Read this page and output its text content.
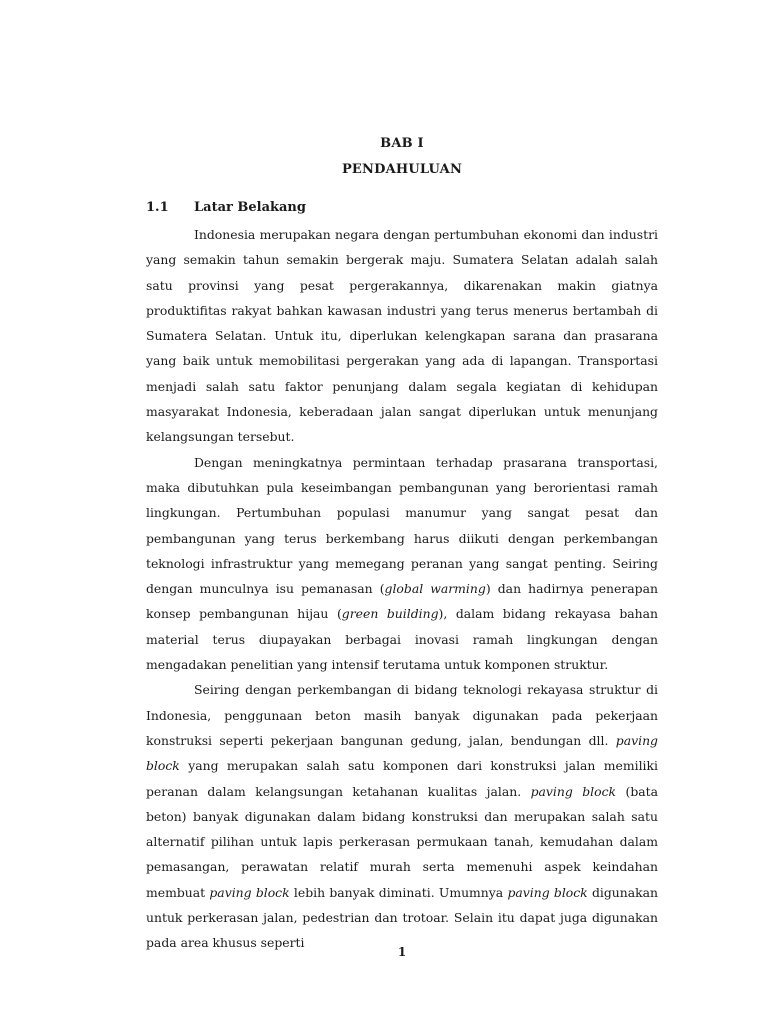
BAB I
PENDAHULUAN
1.1 Latar Belakang

Indonesia merupakan negara dengan pertumbuhan ekonomi dan industri yang semakin tahun semakin bergerak maju. Sumatera Selatan adalah salah satu provinsi yang pesat pergerakannya, dikarenakan makin giatnya produktifitas rakyat bahkan kawasan industri yang terus menerus bertambah di Sumatera Selatan. Untuk itu, diperlukan kelengkapan sarana dan prasarana yang baik untuk memobilitasi pergerakan yang ada di lapangan. Transportasi menjadi salah satu faktor penunjang dalam segala kegiatan di kehidupan masyarakat Indonesia, keberadaan jalan sangat diperlukan untuk menunjang kelangsungan tersebut.

Dengan meningkatnya permintaan terhadap prasarana transportasi, maka dibutuhkan pula keseimbangan pembangunan yang berorientasi ramah lingkungan. Pertumbuhan populasi manumur yang sangat pesat dan pembangunan yang terus berkembang harus diikuti dengan perkembangan teknologi infrastruktur yang memegang peranan yang sangat penting. Seiring dengan munculnya isu pemanasan (global warming) dan hadirnya penerapan konsep pembangunan hijau (green building), dalam bidang rekayasa bahan material terus diupayakan berbagai inovasi ramah lingkungan dengan mengadakan penelitian yang intensif terutama untuk komponen struktur.

Seiring dengan perkembangan di bidang teknologi rekayasa struktur di Indonesia, penggunaan beton masih banyak digunakan pada pekerjaan konstruksi seperti pekerjaan bangunan gedung, jalan, bendungan dll. paving block yang merupakan salah satu komponen dari konstruksi jalan memiliki peranan dalam kelangsungan ketahanan kualitas jalan. paving block (bata beton) banyak digunakan dalam bidang konstruksi dan merupakan salah satu alternatif pilihan untuk lapis perkerasan permukaan tanah, kemudahan dalam pemasangan, perawatan relatif murah serta memenuhi aspek keindahan membuat paving block lebih banyak diminati. Umumnya paving block digunakan untuk perkerasan jalan, pedestrian dan trotoar. Selain itu dapat juga digunakan pada area khusus seperti

1
